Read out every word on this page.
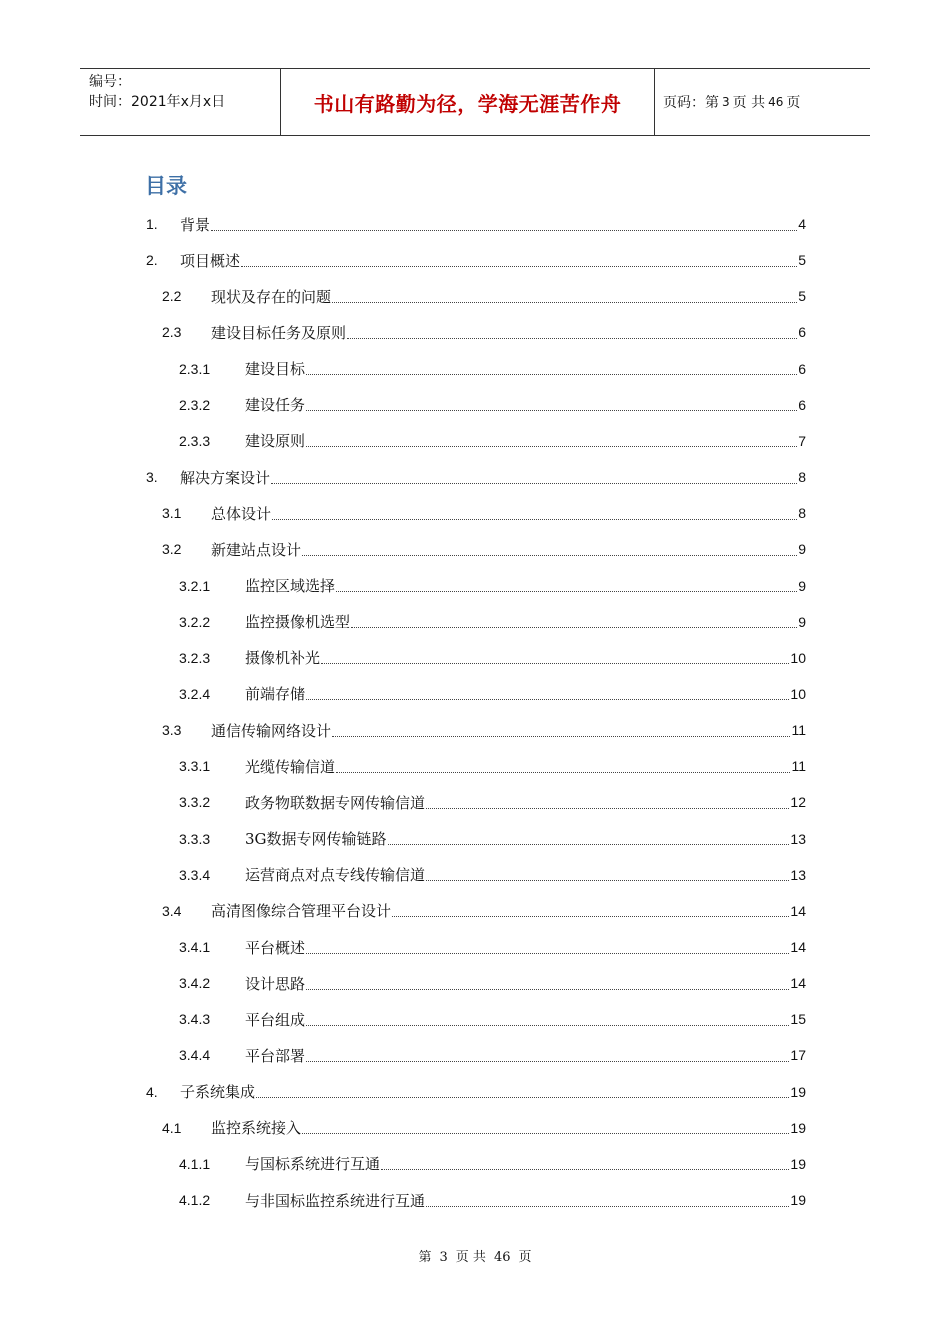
编号：
时间：2021年x月x日	书山有路勤为径，学海无涯苦作舟	页码：第 3 页 共 46 页
目录
1.	背景	4
2.	项目概述	5
2.2	现状及存在的问题	5
2.3	建设目标任务及原则	6
2.3.1	建设目标	6
2.3.2	建设任务	6
2.3.3	建设原则	7
3.	解决方案设计	8
3.1	总体设计	8
3.2	新建站点设计	9
3.2.1	监控区域选择	9
3.2.2	监控摄像机选型	9
3.2.3	摄像机补光	10
3.2.4	前端存储	10
3.3	通信传输网络设计	11
3.3.1	光缆传输信道	11
3.3.2	政务物联数据专网传输信道	12
3.3.3	3G数据专网传输链路	13
3.3.4	运营商点对点专线传输信道	13
3.4	高清图像综合管理平台设计	14
3.4.1	平台概述	14
3.4.2	设计思路	14
3.4.3	平台组成	15
3.4.4	平台部署	17
4.	子系统集成	19
4.1	监控系统接入	19
4.1.1	与国标系统进行互通	19
4.1.2	与非国标监控系统进行互通	19
第 3 页 共 46 页
